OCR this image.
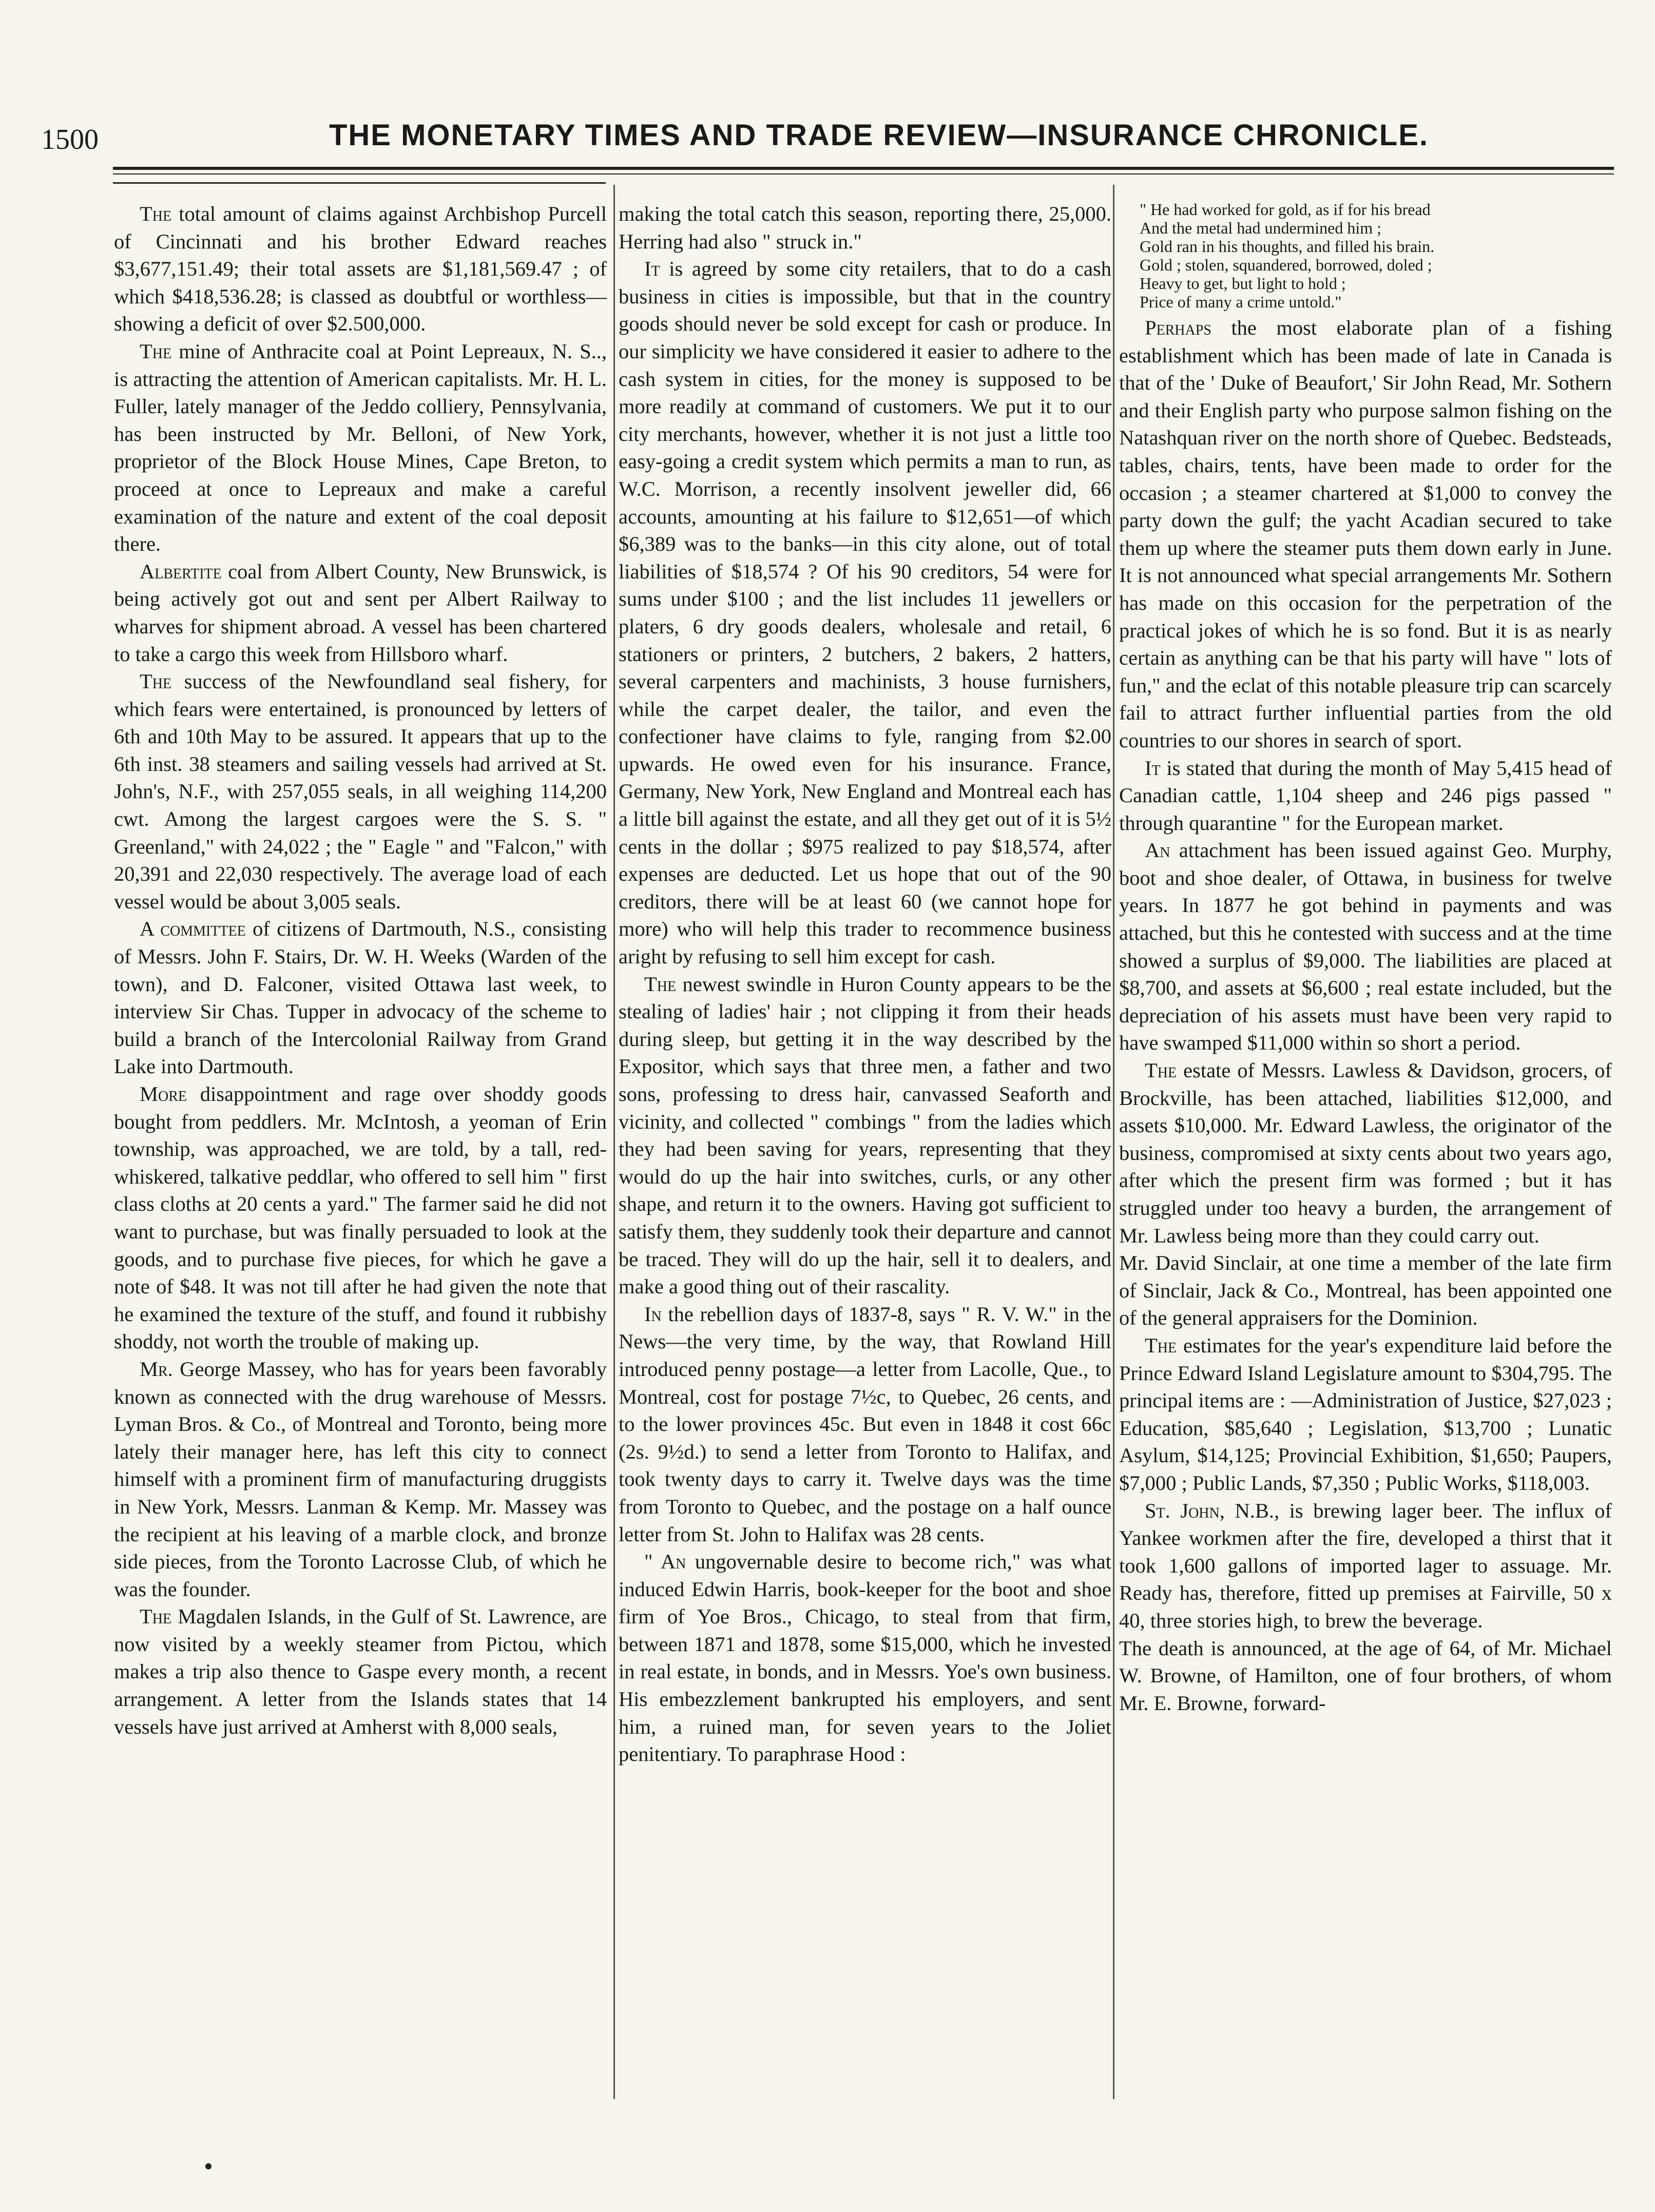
1500	THE MONETARY TIMES AND TRADE REVIEW—INSURANCE CHRONICLE.

The total amount of claims against Archbishop Purcell of Cincinnati and his brother Edward reaches $3,677,151.49; their total assets are $1,181,569.47 ; of which $418,536.28; is classed as doubtful or worthless—showing a deficit of over $2.500,000.

The mine of Anthracite coal at Point Lepreaux, N. S.., is attracting the attention of American capitalists. Mr. H. L. Fuller, lately manager of the Jeddo colliery, Pennsylvania, has been instructed by Mr. Belloni, of New York, proprietor of the Block House Mines, Cape Breton, to proceed at once to Lepreaux and make a careful examination of the nature and extent of the coal deposit there.

Albertite coal from Albert County, New Brunswick, is being actively got out and sent per Albert Railway to wharves for shipment abroad. A vessel has been chartered to take a cargo this week from Hillsboro wharf.

The success of the Newfoundland seal fishery, for which fears were entertained, is pronounced by letters of 6th and 10th May to be assured. It appears that up to the 6th inst. 38 steamers and sailing vessels had arrived at St. John's, N.F., with 257,055 seals, in all weighing 114,200 cwt. Among the largest cargoes were the S. S. " Greenland," with 24,022 ; the " Eagle " and "Falcon," with 20,391 and 22,030 respectively. The average load of each vessel would be about 3,005 seals.

A committee of citizens of Dartmouth, N.S., consisting of Messrs. John F. Stairs, Dr. W. H. Weeks (Warden of the town), and D. Falconer, visited Ottawa last week, to interview Sir Chas. Tupper in advocacy of the scheme to build a branch of the Intercolonial Railway from Grand Lake into Dartmouth.

More disappointment and rage over shoddy goods bought from peddlers. Mr. McIntosh, a yeoman of Erin township, was approached, we are told, by a tall, red-whiskered, talkative peddlar, who offered to sell him " first class cloths at 20 cents a yard." The farmer said he did not want to purchase, but was finally persuaded to look at the goods, and to purchase five pieces, for which he gave a note of $48. It was not till after he had given the note that he examined the texture of the stuff, and found it rubbishy shoddy, not worth the trouble of making up.

Mr. George Massey, who has for years been favorably known as connected with the drug warehouse of Messrs. Lyman Bros. & Co., of Montreal and Toronto, being more lately their manager here, has left this city to connect himself with a prominent firm of manufacturing druggists in New York, Messrs. Lanman & Kemp. Mr. Massey was the recipient at his leaving of a marble clock, and bronze side pieces, from the Toronto Lacrosse Club, of which he was the founder.

The Magdalen Islands, in the Gulf of St. Lawrence, are now visited by a weekly steamer from Pictou, which makes a trip also thence to Gaspe every month, a recent arrangement. A letter from the Islands states that 14 vessels have just arrived at Amherst with 8,000 seals,

making the total catch this season, reporting there, 25,000. Herring had also " struck in."

It is agreed by some city retailers, that to do a cash business in cities is impossible, but that in the country goods should never be sold except for cash or produce. In our simplicity we have considered it easier to adhere to the cash system in cities, for the money is supposed to be more readily at command of customers. We put it to our city merchants, however, whether it is not just a little too easy-going a credit system which permits a man to run, as W.C. Morrison, a recently insolvent jeweller did, 66 accounts, amounting at his failure to $12,651—of which $6,389 was to the banks—in this city alone, out of total liabilities of $18,574 ? Of his 90 creditors, 54 were for sums under $100 ; and the list includes 11 jewellers or platers, 6 dry goods dealers, wholesale and retail, 6 stationers or printers, 2 butchers, 2 bakers, 2 hatters, several carpenters and machinists, 3 house furnishers, while the carpet dealer, the tailor, and even the confectioner have claims to fyle, ranging from $2.00 upwards. He owed even for his insurance. France, Germany, New York, New England and Montreal each has a little bill against the estate, and all they get out of it is 5½ cents in the dollar ; $975 realized to pay $18,574, after expenses are deducted. Let us hope that out of the 90 creditors, there will be at least 60 (we cannot hope for more) who will help this trader to recommence business aright by refusing to sell him except for cash.

The newest swindle in Huron County appears to be the stealing of ladies' hair ; not clipping it from their heads during sleep, but getting it in the way described by the Expositor, which says that three men, a father and two sons, professing to dress hair, canvassed Seaforth and vicinity, and collected " combings " from the ladies which they had been saving for years, representing that they would do up the hair into switches, curls, or any other shape, and return it to the owners. Having got sufficient to satisfy them, they suddenly took their departure and cannot be traced. They will do up the hair, sell it to dealers, and make a good thing out of their rascality.

In the rebellion days of 1837-8, says " R. V. W." in the News—the very time, by the way, that Rowland Hill introduced penny postage—a letter from Lacolle, Que., to Montreal, cost for postage 7½c, to Quebec, 26 cents, and to the lower provinces 45c. But even in 1848 it cost 66c (2s. 9½d.) to send a letter from Toronto to Halifax, and took twenty days to carry it. Twelve days was the time from Toronto to Quebec, and the postage on a half ounce letter from St. John to Halifax was 28 cents.

" An ungovernable desire to become rich," was what induced Edwin Harris, book-keeper for the boot and shoe firm of Yoe Bros., Chicago, to steal from that firm, between 1871 and 1878, some $15,000, which he invested in real estate, in bonds, and in Messrs. Yoe's own business. His embezzlement bankrupted his employers, and sent him, a ruined man, for seven years to the Joliet penitentiary. To paraphrase Hood :

" He had worked for gold, as if for his bread
And the metal had undermined him ;
Gold ran in his thoughts, and filled his brain.
Gold ; stolen, squandered, borrowed, doled ;
Heavy to get, but light to hold ;
Price of many a crime untold."

Perhaps the most elaborate plan of a fishing establishment which has been made of late in Canada is that of the ' Duke of Beaufort,' Sir John Read, Mr. Sothern and their English party who purpose salmon fishing on the Natashquan river on the north shore of Quebec. Bedsteads, tables, chairs, tents, have been made to order for the occasion ; a steamer chartered at $1,000 to convey the party down the gulf; the yacht Acadian secured to take them up where the steamer puts them down early in June. It is not announced what special arrangements Mr. Sothern has made on this occasion for the perpetration of the practical jokes of which he is so fond. But it is as nearly certain as anything can be that his party will have " lots of fun," and the eclat of this notable pleasure trip can scarcely fail to attract further influential parties from the old countries to our shores in search of sport.

It is stated that during the month of May 5,415 head of Canadian cattle, 1,104 sheep and 246 pigs passed " through quarantine " for the European market.

An attachment has been issued against Geo. Murphy, boot and shoe dealer, of Ottawa, in business for twelve years. In 1877 he got behind in payments and was attached, but this he contested with success and at the time showed a surplus of $9,000. The liabilities are placed at $8,700, and assets at $6,600 ; real estate included, but the depreciation of his assets must have been very rapid to have swamped $11,000 within so short a period.

The estate of Messrs. Lawless & Davidson, grocers, of Brockville, has been attached, liabilities $12,000, and assets $10,000. Mr. Edward Lawless, the originator of the business, compromised at sixty cents about two years ago, after which the present firm was formed ; but it has struggled under too heavy a burden, the arrangement of Mr. Lawless being more than they could carry out.

Mr. David Sinclair, at one time a member of the late firm of Sinclair, Jack & Co., Montreal, has been appointed one of the general appraisers for the Dominion.

The estimates for the year's expenditure laid before the Prince Edward Island Legislature amount to $304,795. The principal items are : —Administration of Justice, $27,023 ; Education, $85,640 ; Legislation, $13,700 ; Lunatic Asylum, $14,125; Provincial Exhibition, $1,650; Paupers, $7,000 ; Public Lands, $7,350 ; Public Works, $118,003.

St. John, N.B., is brewing lager beer. The influx of Yankee workmen after the fire, developed a thirst that it took 1,600 gallons of imported lager to assuage. Mr. Ready has, therefore, fitted up premises at Fairville, 50 x 40, three stories high, to brew the beverage.

The death is announced, at the age of 64, of Mr. Michael W. Browne, of Hamilton, one of four brothers, of whom Mr. E. Browne, forward-
